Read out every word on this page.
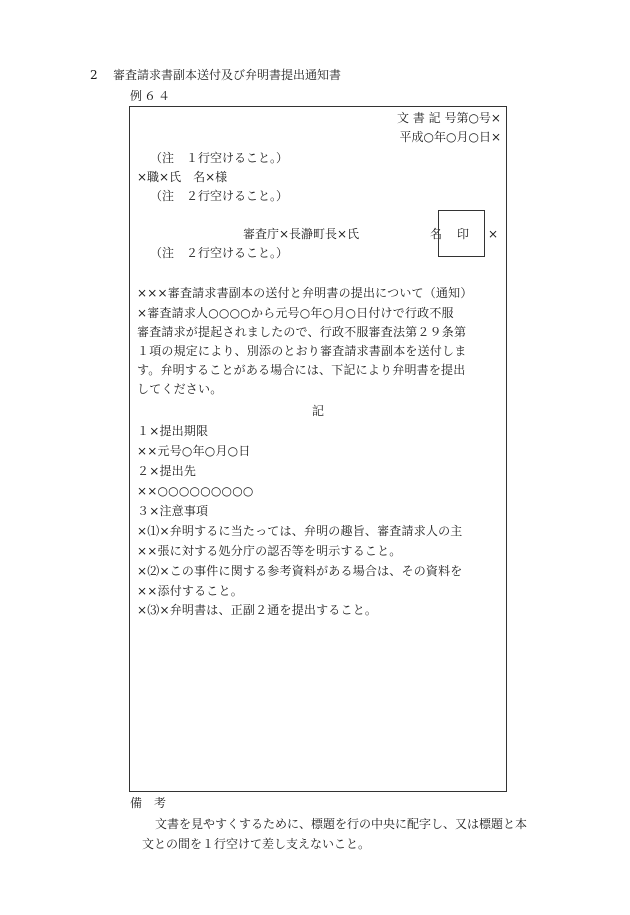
2 審査請求書副本送付及び弁明書提出通知書
例６４
文 書 記 号第○号×
平成○年○月○日×
（注　１行空けること。）
×職×氏　名×様
（注　２行空けること。）
審査庁×長瀞町長×氏	名 印 ×
（注　２行空けること。）
×××審査請求書副本の送付と弁明書の提出について（通知）
×審査請求人○○○○から元号○年○月○日付けで行政不服
審査請求が提起されましたので、行政不服審査法第２９条第
１項の規定により、別添のとおり審査請求書副本を送付しま
す。弁明することがある場合には、下記により弁明書を提出
してください。
記
１×提出期限
××元号○年○月○日
２×提出先
××○○○○○○○○○
３×注意事項
×⑴×弁明するに当たっては、弁明の趣旨、審査請求人の主
××張に対する処分庁の認否等を明示すること。
×⑵×この事件に関する参考資料がある場合は、その資料を
××添付すること。
×⑶×弁明書は、正副２通を提出すること。
備　考
文書を見やすくするために、標題を行の中央に配字し、又は標題と本
文との間を１行空けて差し支えないこと。
